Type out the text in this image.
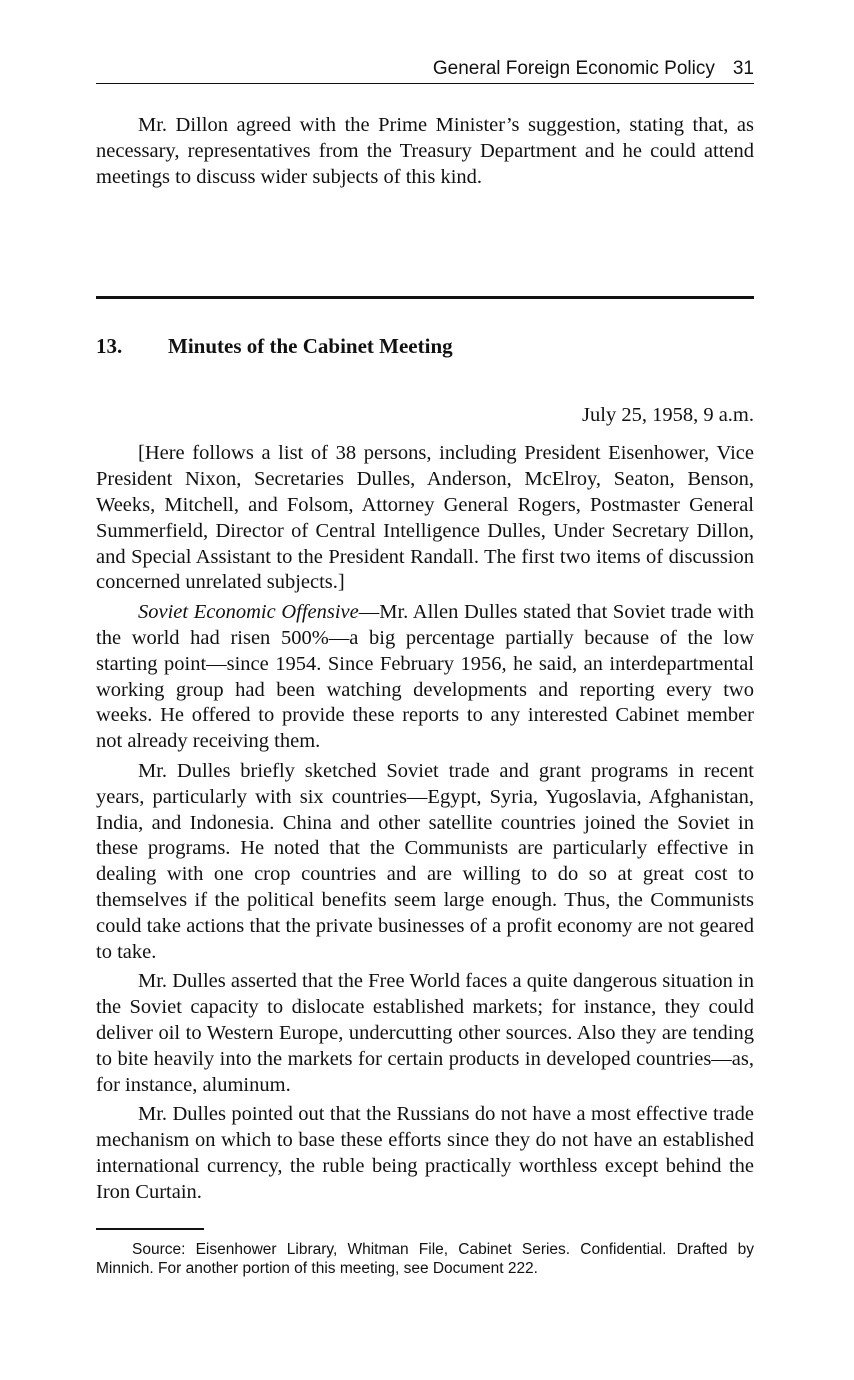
General Foreign Economic Policy 31

Mr. Dillon agreed with the Prime Minister’s suggestion, stating that, as necessary, representatives from the Treasury Department and he could attend meetings to discuss wider subjects of this kind.

13.	Minutes of the Cabinet Meeting
July 25, 1958, 9 a.m.

[Here follows a list of 38 persons, including President Eisenhower, Vice President Nixon, Secretaries Dulles, Anderson, McElroy, Seaton, Benson, Weeks, Mitchell, and Folsom, Attorney General Rogers, Postmaster General Summerfield, Director of Central Intelligence Dulles, Under Secretary Dillon, and Special Assistant to the President Randall. The first two items of discussion concerned unrelated subjects.]

Soviet Economic Offensive—Mr. Allen Dulles stated that Soviet trade with the world had risen 500%—a big percentage partially because of the low starting point—since 1954. Since February 1956, he said, an interdepartmental working group had been watching developments and reporting every two weeks. He offered to provide these reports to any interested Cabinet member not already receiving them.

Mr. Dulles briefly sketched Soviet trade and grant programs in recent years, particularly with six countries—Egypt, Syria, Yugoslavia, Afghanistan, India, and Indonesia. China and other satellite countries joined the Soviet in these programs. He noted that the Communists are particularly effective in dealing with one crop countries and are willing to do so at great cost to themselves if the political benefits seem large enough. Thus, the Communists could take actions that the private businesses of a profit economy are not geared to take.

Mr. Dulles asserted that the Free World faces a quite dangerous situation in the Soviet capacity to dislocate established markets; for instance, they could deliver oil to Western Europe, undercutting other sources. Also they are tending to bite heavily into the markets for certain products in developed countries—as, for instance, aluminum.

Mr. Dulles pointed out that the Russians do not have a most effective trade mechanism on which to base these efforts since they do not have an established international currency, the ruble being practically worthless except behind the Iron Curtain.

Source: Eisenhower Library, Whitman File, Cabinet Series. Confidential. Drafted by Minnich. For another portion of this meeting, see Document 222.
